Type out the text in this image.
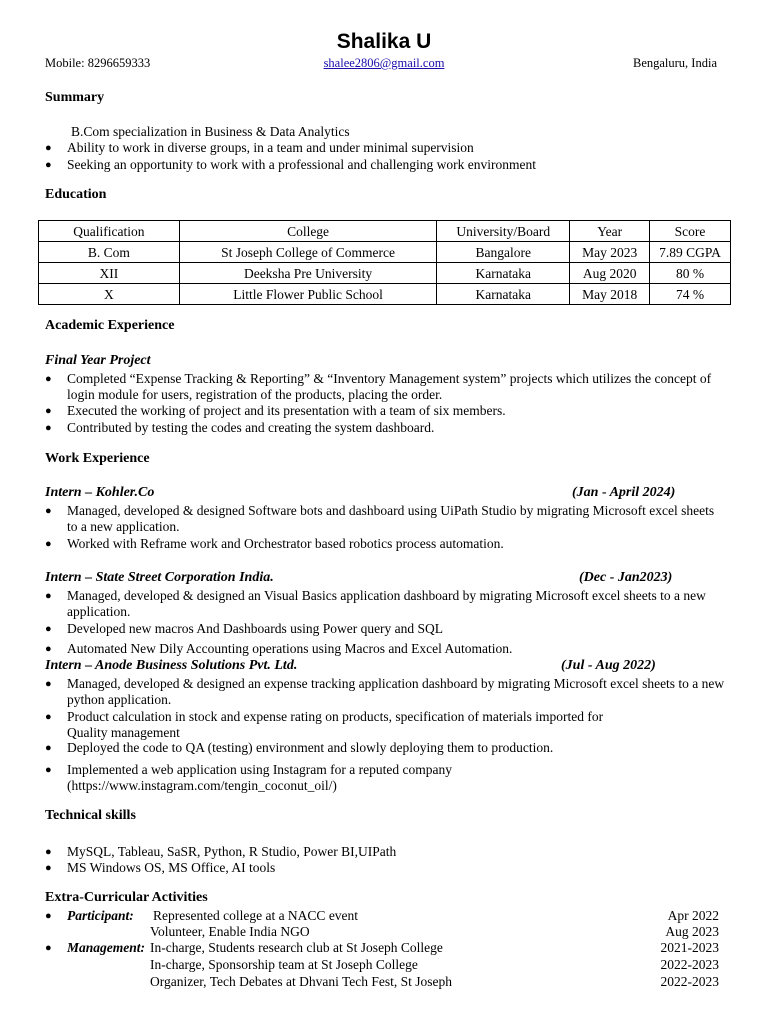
Shalika U
Mobile: 8296659333	shalee2806@gmail.com	Bengaluru, India
Summary
B.Com specialization in Business & Data Analytics
● Ability to work in diverse groups, in a team and under minimal supervision
● Seeking an opportunity to work with a professional and challenging work environment
Education
Qualification	College	University/Board	Year	Score
B. Com	St Joseph College of Commerce	Bangalore	May 2023	7.89 CGPA
XII	Deeksha Pre University	Karnataka	Aug 2020	80 %
X	Little Flower Public School	Karnataka	May 2018	74 %
Academic Experience
Final Year Project
● Completed “Expense Tracking & Reporting” & “Inventory Management system” projects which utilizes the concept of login module for users, registration of the products, placing the order.
● Executed the working of project and its presentation with a team of six members.
● Contributed by testing the codes and creating the system dashboard.
Work Experience
Intern – Kohler.Co	(Jan - April 2024)
● Managed, developed & designed Software bots and dashboard using UiPath Studio by migrating Microsoft excel sheets to a new application.
● Worked with Reframe work and Orchestrator based robotics process automation.
Intern – State Street Corporation India.	(Dec - Jan2023)
● Managed, developed & designed an Visual Basics application dashboard by migrating Microsoft excel sheets to a new application.
● Developed new macros And Dashboards using Power query and SQL
● Automated New Dily Accounting operations using Macros and Excel Automation.
Intern – Anode Business Solutions Pvt. Ltd.	(Jul - Aug 2022)
● Managed, developed & designed an expense tracking application dashboard by migrating Microsoft excel sheets to a new python application.
● Product calculation in stock and expense rating on products, specification of materials imported for Quality management
● Deployed the code to QA (testing) environment and slowly deploying them to production.
● Implemented a web application using Instagram for a reputed company (https://www.instagram.com/tengin_coconut_oil/)
Technical skills
● MySQL, Tableau, SaSR, Python, R Studio, Power BI,UIPath
● MS Windows OS, MS Office, AI tools
Extra-Curricular Activities
● Participant: Represented college at a NACC event	Apr 2022
Volunteer, Enable India NGO	Aug 2023
● Management: In-charge, Students research club at St Joseph College	2021-2023
In-charge, Sponsorship team at St Joseph College	2022-2023
Organizer, Tech Debates at Dhvani Tech Fest, St Joseph	2022-2023
